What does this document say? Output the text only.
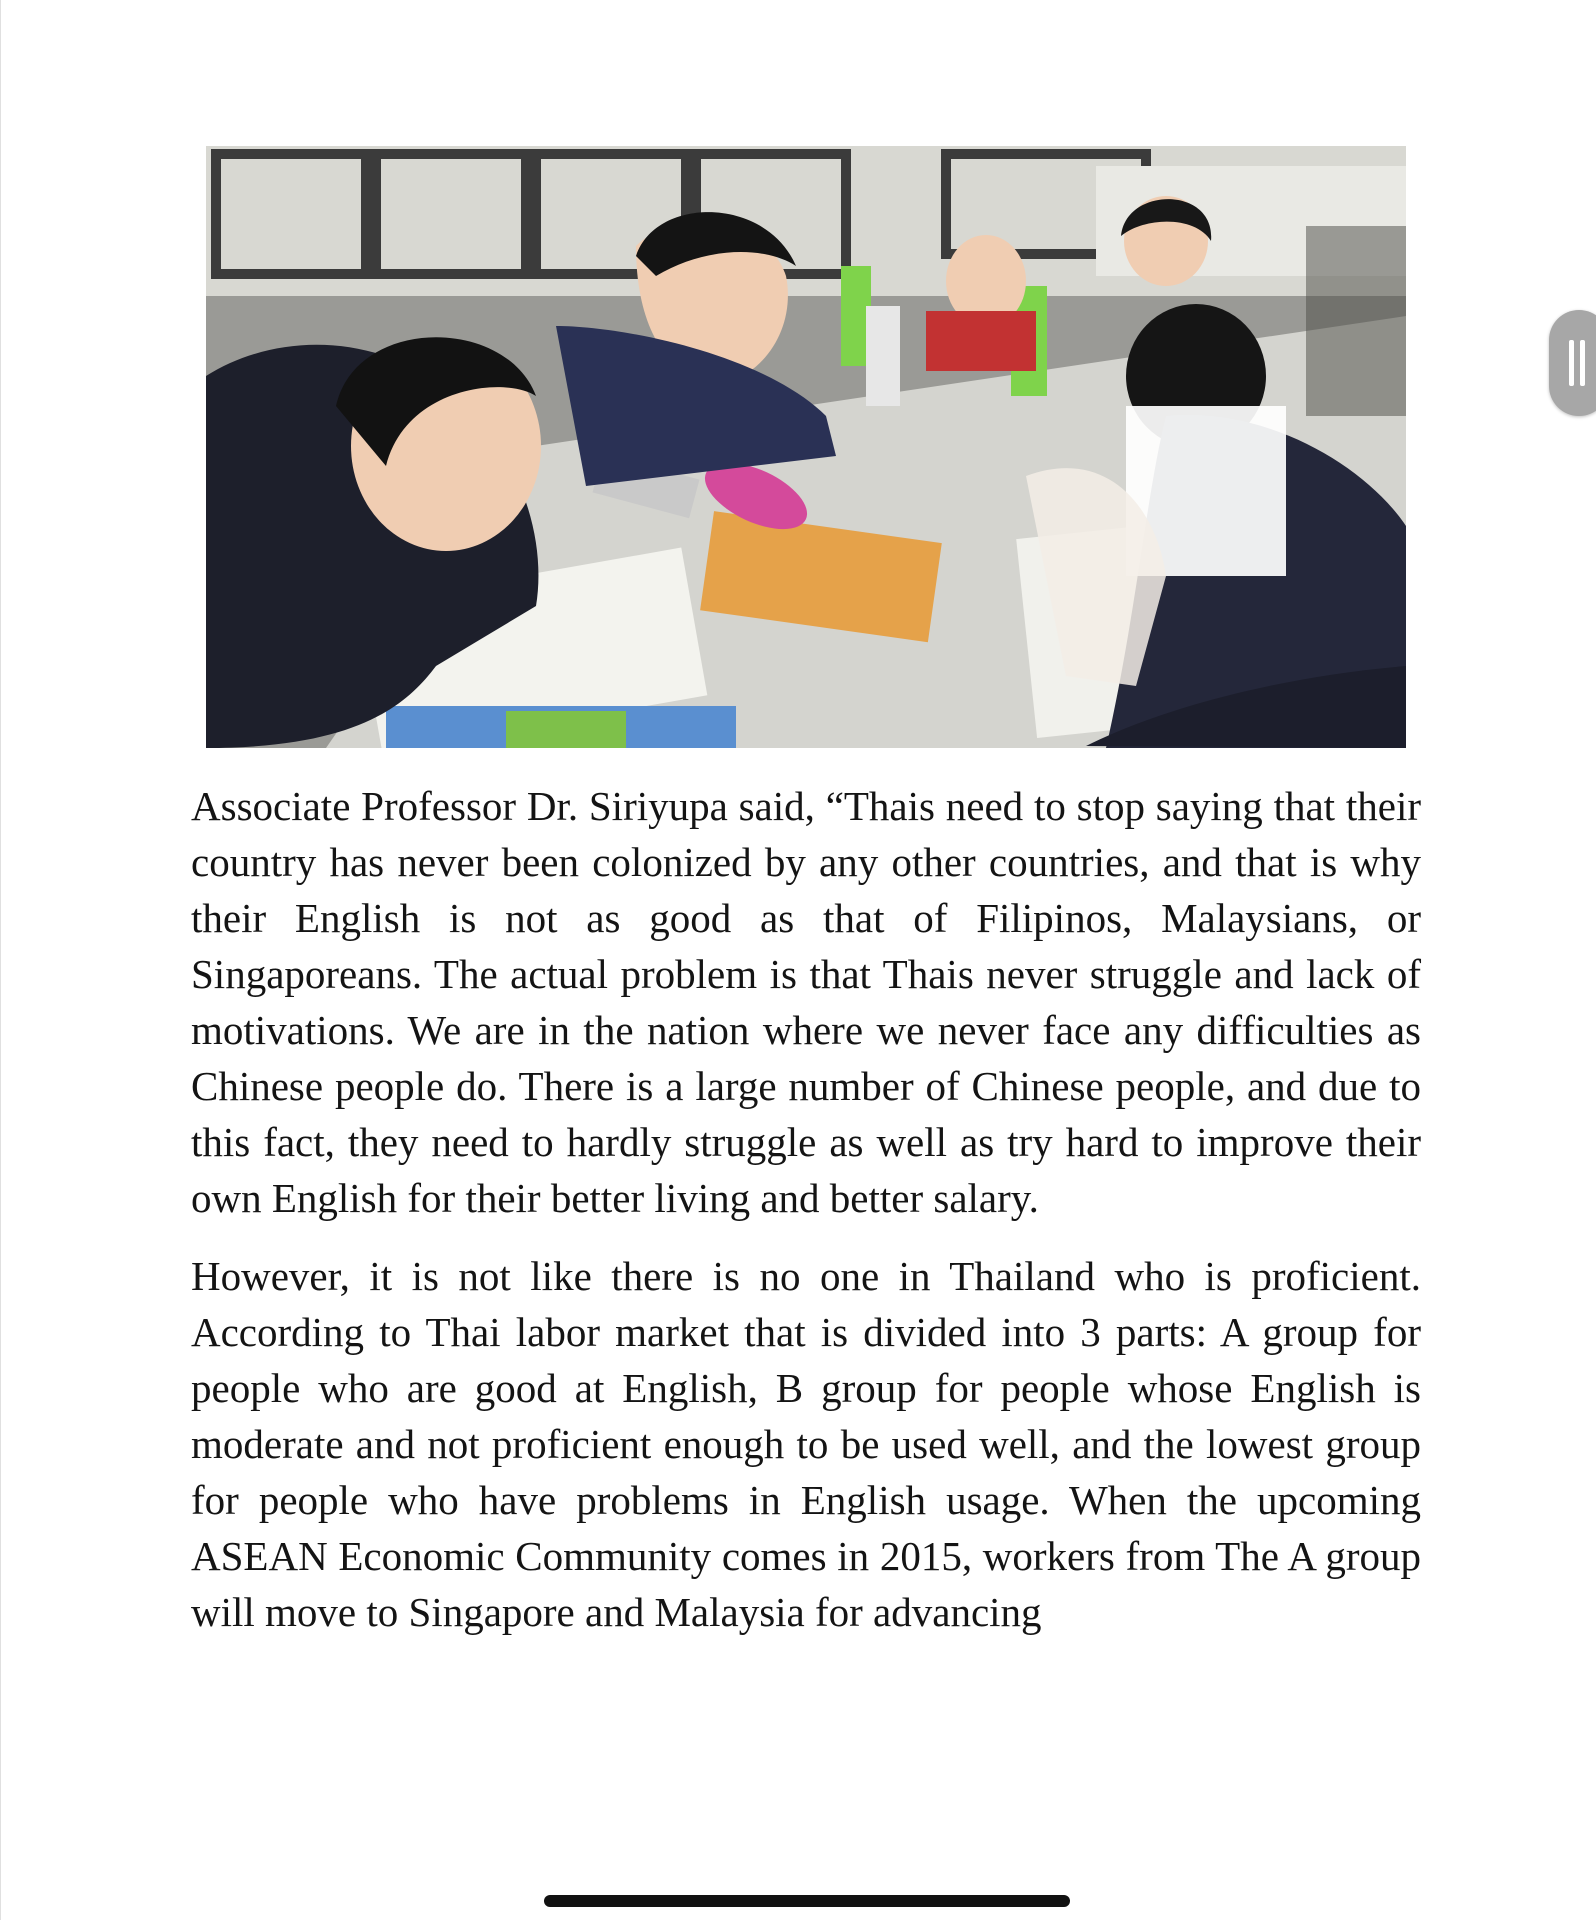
Associate Professor Dr. Siriyupa said, “Thais need to stop saying that their country has never been colonized by any other countries, and that is why their English is not as good as that of Filipinos, Malaysians, or Singaporeans. The actual problem is that Thais never struggle and lack of motivations. We are in the nation where we never face any difficulties as Chinese people do. There is a large number of Chinese people, and due to this fact, they need to hardly struggle as well as try hard to improve their own English for their better living and better salary.

However, it is not like there is no one in Thailand who is proficient. According to Thai labor market that is divided into 3 parts: A group for people who are good at English, B group for people whose English is moderate and not proficient enough to be used well, and the lowest group for people who have problems in English usage. When the upcoming ASEAN Economic Community comes in 2015, workers from The A group will move to Singapore and Malaysia for advancing
